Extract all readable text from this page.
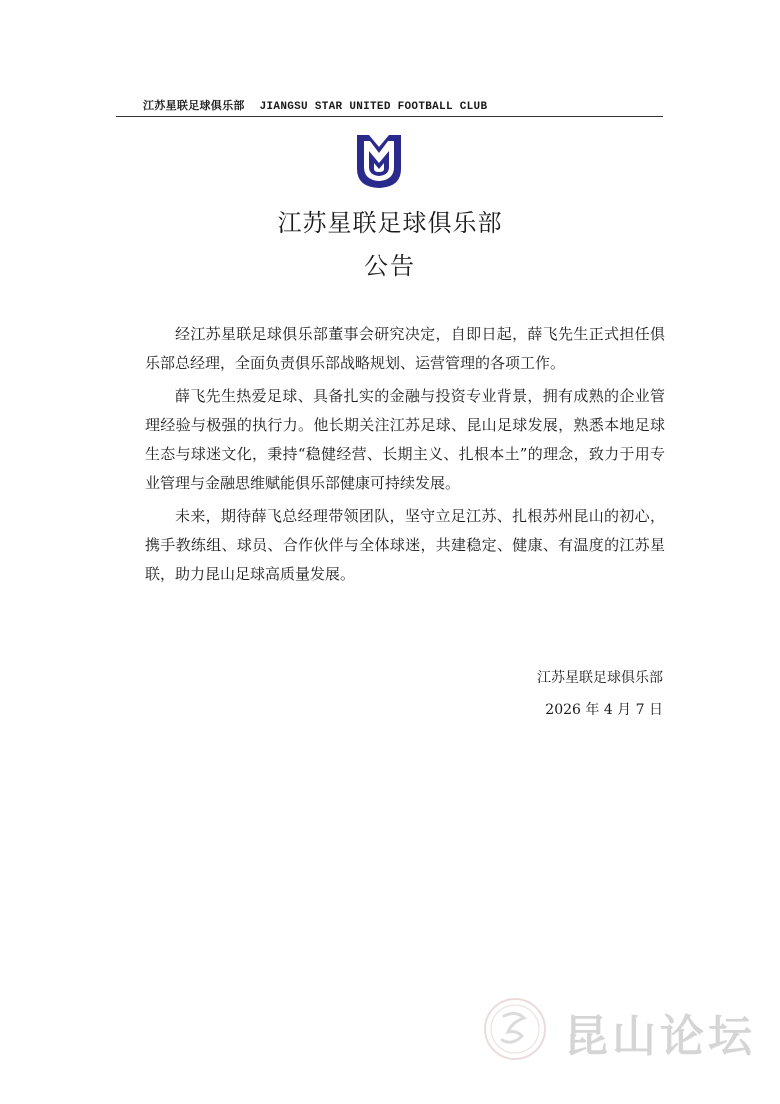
江苏星联足球俱乐部 JIANGSU STAR UNITED FOOTBALL CLUB
江苏星联足球俱乐部
公告

经江苏星联足球俱乐部董事会研究决定，自即日起，薛飞先生正式担任俱乐部总经理，全面负责俱乐部战略规划、运营管理的各项工作。

薛飞先生热爱足球、具备扎实的金融与投资专业背景，拥有成熟的企业管理经验与极强的执行力。他长期关注江苏足球、昆山足球发展，熟悉本地足球生态与球迷文化，秉持“稳健经营、长期主义、扎根本土”的理念，致力于用专业管理与金融思维赋能俱乐部健康可持续发展。

未来，期待薛飞总经理带领团队，坚守立足江苏、扎根苏州昆山的初心，携手教练组、球员、合作伙伴与全体球迷，共建稳定、健康、有温度的江苏星联，助力昆山足球高质量发展。

江苏星联足球俱乐部
2026 年 4 月 7 日
昆山论坛
